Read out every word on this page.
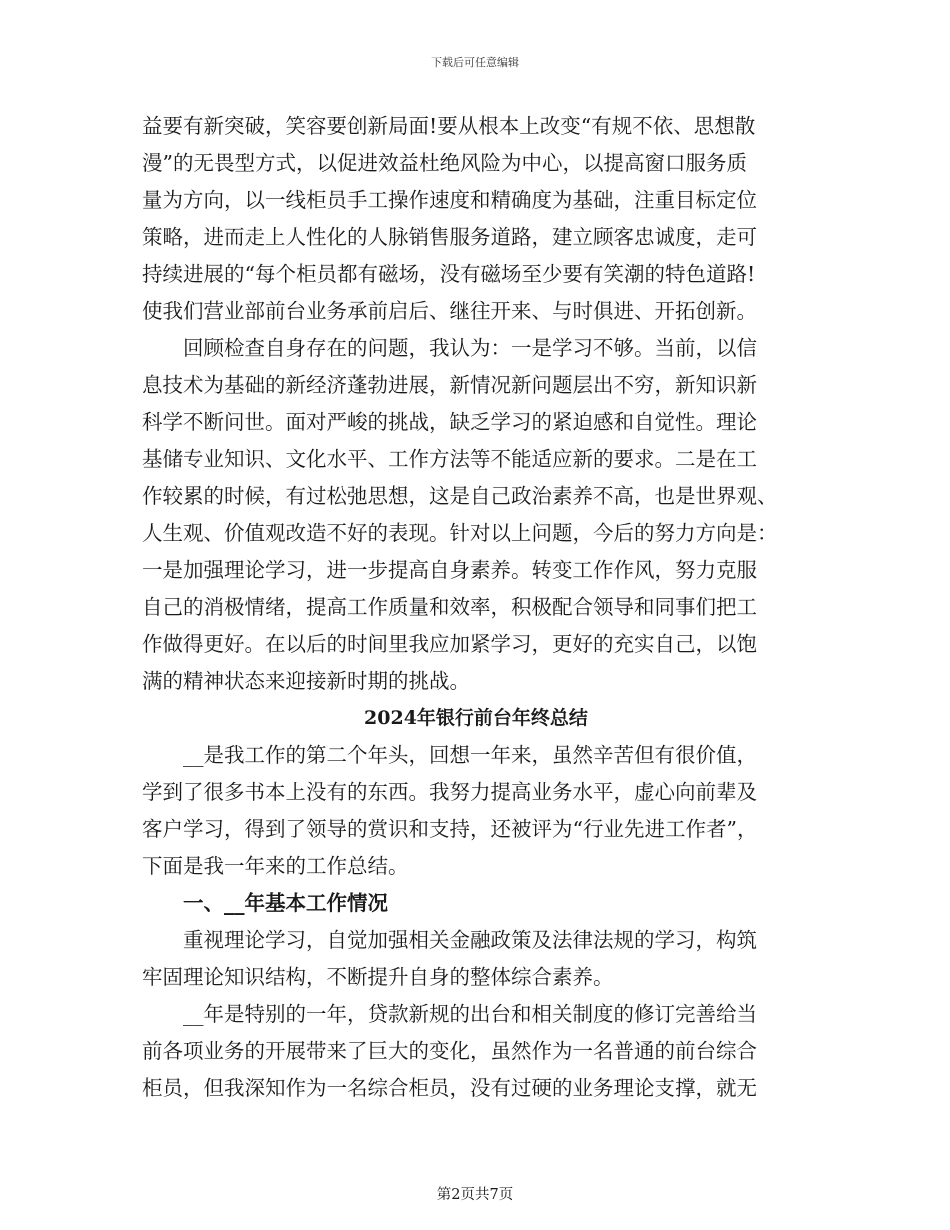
下载后可任意编辑
益要有新突破，笑容要创新局面!要从根本上改变“有规不依、思想散
漫”的无畏型方式，以促进效益杜绝风险为中心，以提高窗口服务质
量为方向，以一线柜员手工操作速度和精确度为基础，注重目标定位
策略，进而走上人性化的人脉销售服务道路，建立顾客忠诚度，走可
持续进展的“每个柜员都有磁场，没有磁场至少要有笑潮的特色道路!
使我们营业部前台业务承前启后、继往开来、与时俱进、开拓创新。
回顾检查自身存在的问题，我认为：一是学习不够。当前，以信
息技术为基础的新经济蓬勃进展，新情况新问题层出不穷，新知识新
科学不断问世。面对严峻的挑战，缺乏学习的紧迫感和自觉性。理论
基储专业知识、文化水平、工作方法等不能适应新的要求。二是在工
作较累的时候，有过松弛思想，这是自己政治素养不高，也是世界观、
人生观、价值观改造不好的表现。针对以上问题，今后的努力方向是：
一是加强理论学习，进一步提高自身素养。转变工作作风，努力克服
自己的消极情绪，提高工作质量和效率，积极配合领导和同事们把工
作做得更好。在以后的时间里我应加紧学习，更好的充实自己，以饱
满的精神状态来迎接新时期的挑战。
2024年银行前台年终总结
__是我工作的第二个年头，回想一年来，虽然辛苦但有很价值，
学到了很多书本上没有的东西。我努力提高业务水平，虚心向前辈及
客户学习，得到了领导的赏识和支持，还被评为“行业先进工作者”，
下面是我一年来的工作总结。
一、__年基本工作情况
重视理论学习，自觉加强相关金融政策及法律法规的学习，构筑
牢固理论知识结构，不断提升自身的整体综合素养。
__年是特别的一年，贷款新规的出台和相关制度的修订完善给当
前各项业务的开展带来了巨大的变化，虽然作为一名普通的前台综合
柜员，但我深知作为一名综合柜员，没有过硬的业务理论支撑，就无
第2页共7页
